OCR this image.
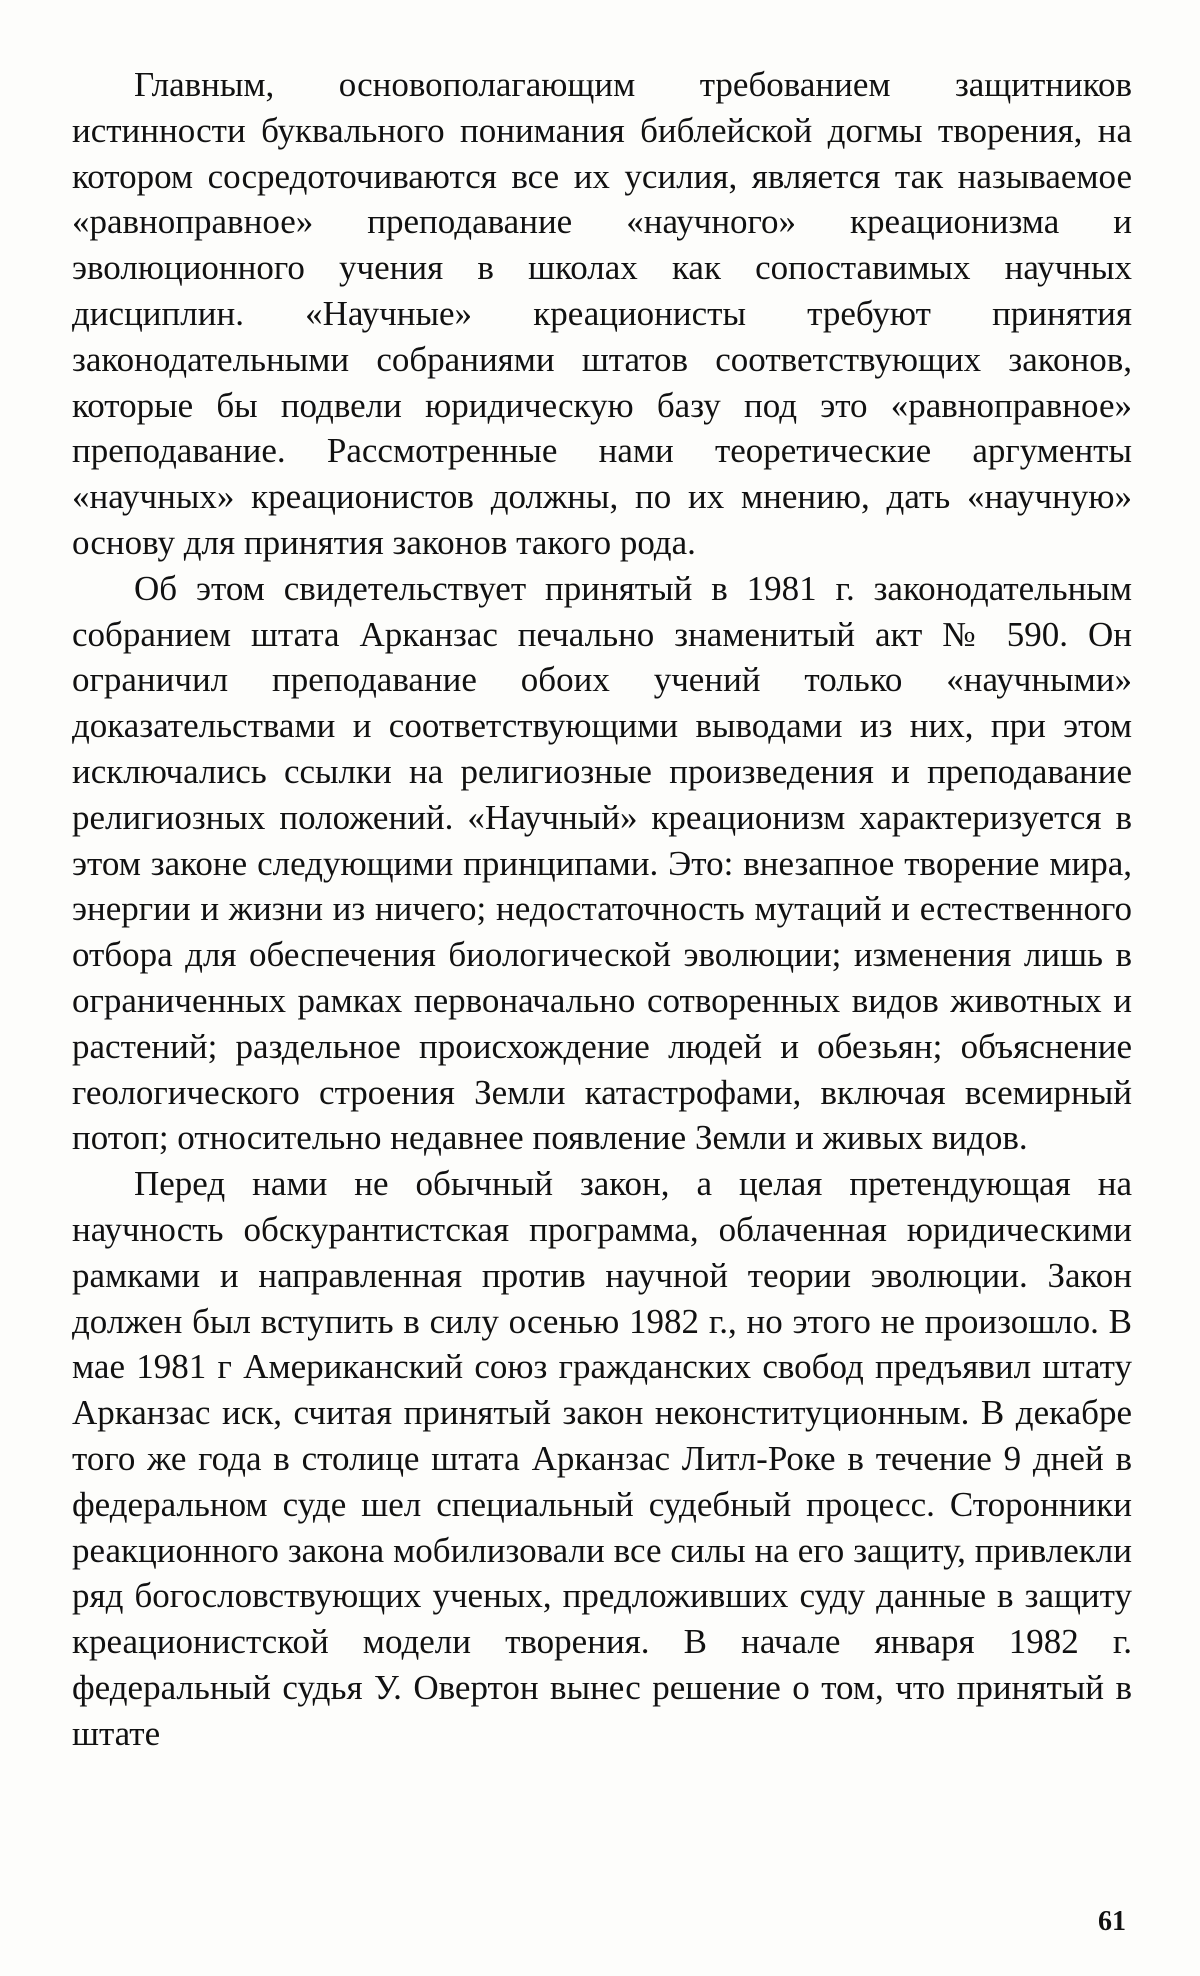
Главным, основополагающим требованием защитников истинности буквального понимания библейской догмы творения, на котором сосредоточиваются все их усилия, является так называемое «равноправное» преподавание «научного» креационизма и эволюционного учения в школах как сопоставимых научных дисциплин. «Научные» креационисты требуют принятия законодательными собраниями штатов соответствующих законов, которые бы подвели юридическую базу под это «равноправное» преподавание. Рассмотренные нами теоретические аргументы «научных» креационистов должны, по их мнению, дать «научную» основу для принятия законов такого рода.

Об этом свидетельствует принятый в 1981 г. законодательным собранием штата Арканзас печально знаменитый акт № 590. Он ограничил преподавание обоих учений только «научными» доказательствами и соответствующими выводами из них, при этом исключались ссылки на религиозные произведения и преподавание религиозных положений. «Научный» креационизм характеризуется в этом законе следующими принципами. Это: внезапное творение мира, энергии и жизни из ничего; недостаточность мутаций и естественного отбора для обеспечения биологической эволюции; изменения лишь в ограниченных рамках первоначально сотворенных видов животных и растений; раздельное происхождение людей и обезьян; объяснение геологического строения Земли катастрофами, включая всемирный потоп; относительно недавнее появление Земли и живых видов.

Перед нами не обычный закон, а целая претендующая на научность обскурантистская программа, облаченная юридическими рамками и направленная против научной теории эволюции. Закон должен был вступить в силу осенью 1982 г., но этого не произошло. В мае 1981 г Американский союз гражданских свобод предъявил штату Арканзас иск, считая принятый закон неконституционным. В декабре того же года в столице штата Арканзас Литл-Роке в течение 9 дней в федеральном суде шел специальный судебный процесс. Сторонники реакционного закона мобилизовали все силы на его защиту, привлекли ряд богословствующих ученых, предложивших суду данные в защиту креационистской модели творения. В начале января 1982 г. федеральный судья У. Овертон вынес решение о том, что принятый в штате

61
